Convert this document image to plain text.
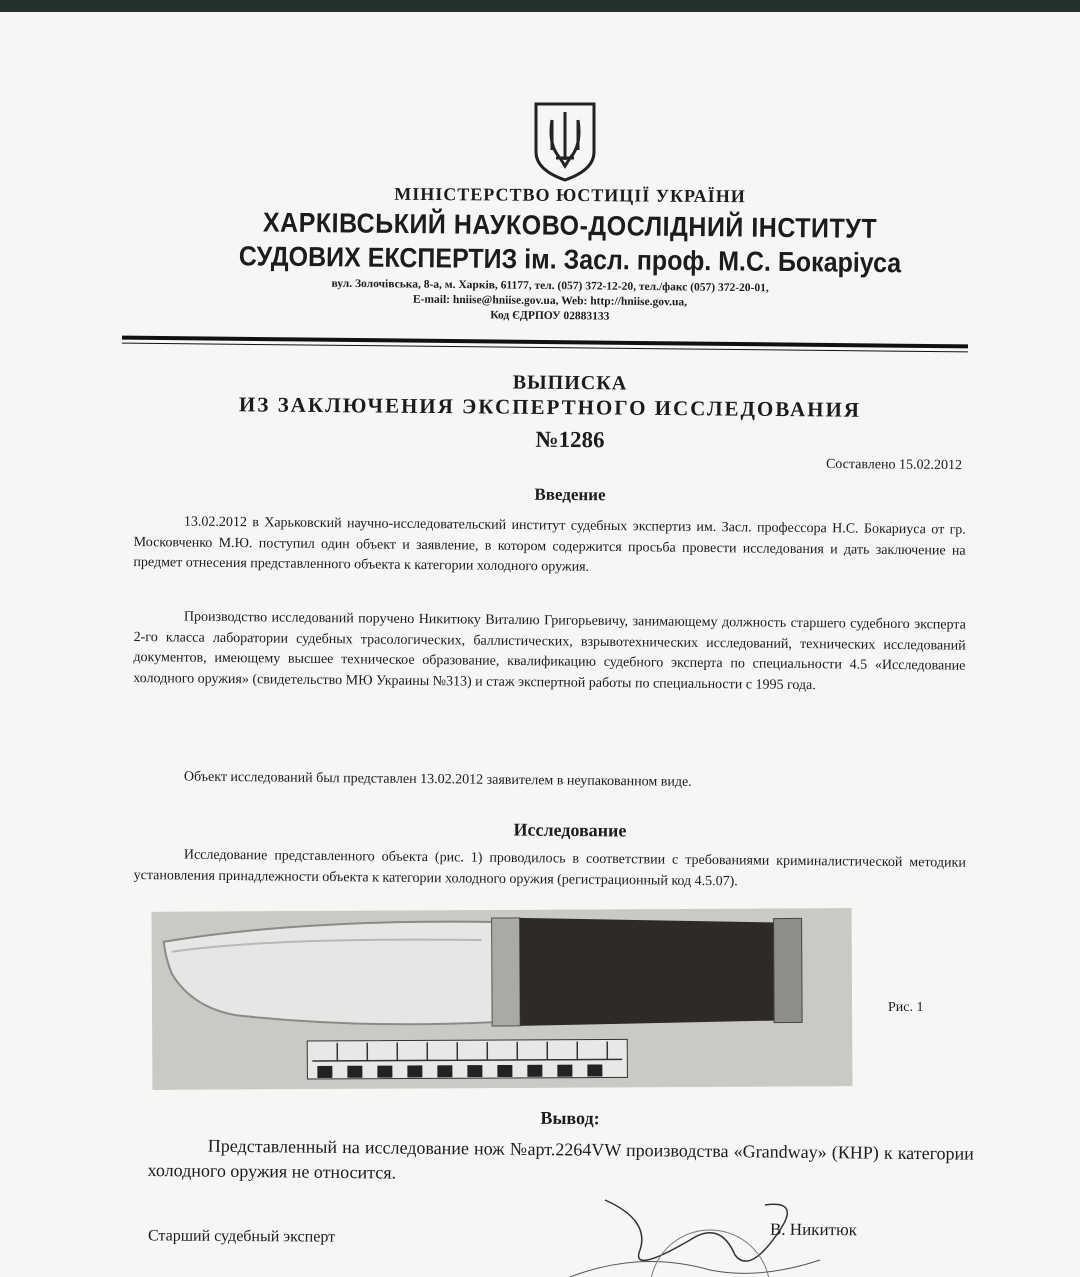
МІНІСТЕРСТВО ЮСТИЦІЇ УКРАЇНИ
ХАРКІВСЬКИЙ НАУКОВО-ДОСЛІДНИЙ ІНСТИТУТ
СУДОВИХ ЕКСПЕРТИЗ ім. Засл. проф. М.С. Бокаріуса
вул. Золочівська, 8-а, м. Харків, 61177, тел. (057) 372-12-20, тел./факс (057) 372-20-01,
E-mail: hniise@hniise.gov.ua, Web: http://hniise.gov.ua,
Код ЄДРПОУ 02883133
ВЫПИСКА
ИЗ ЗАКЛЮЧЕНИЯ ЭКСПЕРТНОГО ИССЛЕДОВАНИЯ
№1286
Составлено 15.02.2012
Введение
13.02.2012 в Харьковский научно-исследовательский институт судебных экспертиз им. Засл. профессора Н.С. Бокариуса от гр. Московченко М.Ю. поступил один объект и заявление, в котором содержится просьба провести исследования и дать заключение на предмет отнесения представленного объекта к категории холодного оружия.
Производство исследований поручено Никитюку Виталию Григорьевичу, занимающему должность старшего судебного эксперта 2-го класса лаборатории судебных трасологических, баллистических, взрывотехнических исследований, технических исследований документов, имеющему высшее техническое образование, квалификацию судебного эксперта по специальности 4.5 «Исследование холодного оружия» (свидетельство МЮ Украины №313) и стаж экспертной работы по специальности с 1995 года.
Объект исследований был представлен 13.02.2012 заявителем в неупакованном виде.
Исследование
Исследование представленного объекта (рис. 1) проводилось в соответствии с требованиями криминалистической методики установления принадлежности объекта к категории холодного оружия (регистрационный код 4.5.07).
Рис. 1
Вывод:
Представленный на исследование нож №арт.2264VW производства «Grandway» (КНР) к категории холодного оружия не относится.
Старший судебный эксперт	В. Никитюк
